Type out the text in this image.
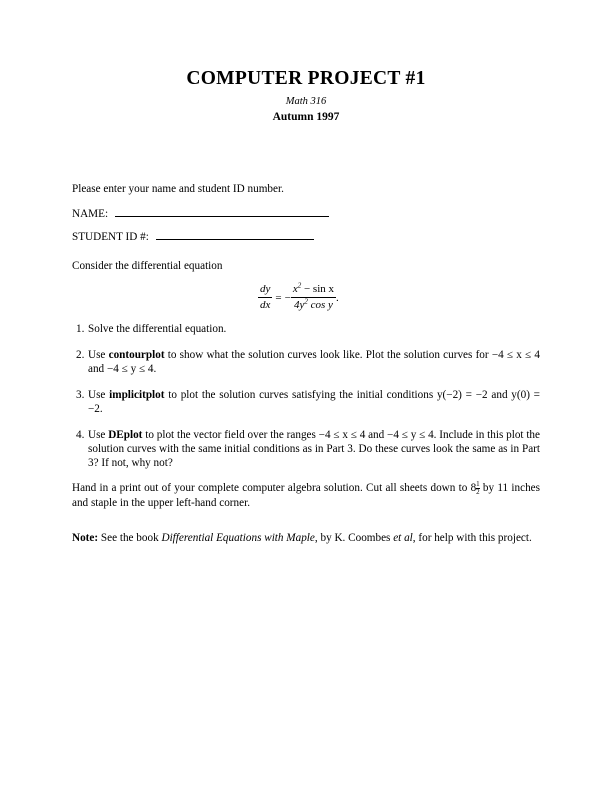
COMPUTER PROJECT #1
Math 316
Autumn 1997
Please enter your name and student ID number.
NAME:
STUDENT ID #:
Consider the differential equation
$\frac{dy}{dx}$ = − $\frac{x^2 - \sin x}{4y^2 \cos y}$ .
1. Solve the differential equation.
2. Use contourplot to show what the solution curves look like. Plot the solution curves for −4 ≤ x ≤ 4 and −4 ≤ y ≤ 4.
3. Use implicitplot to plot the solution curves satisfying the initial conditions y(−2) = −2 and y(0) = −2.
4. Use DEplot to plot the vector field over the ranges −4 ≤ x ≤ 4 and −4 ≤ y ≤ 4. Include in this plot the solution curves with the same initial conditions as in Part 3. Do these curves look the same as in Part 3? If not, why not?
Hand in a print out of your complete computer algebra solution. Cut all sheets down to $8 \frac{1}{2}$ by 11 inches and staple in the upper left-hand corner.
Note: See the book Differential Equations with Maple, by K. Coombes et al, for help with this project.
